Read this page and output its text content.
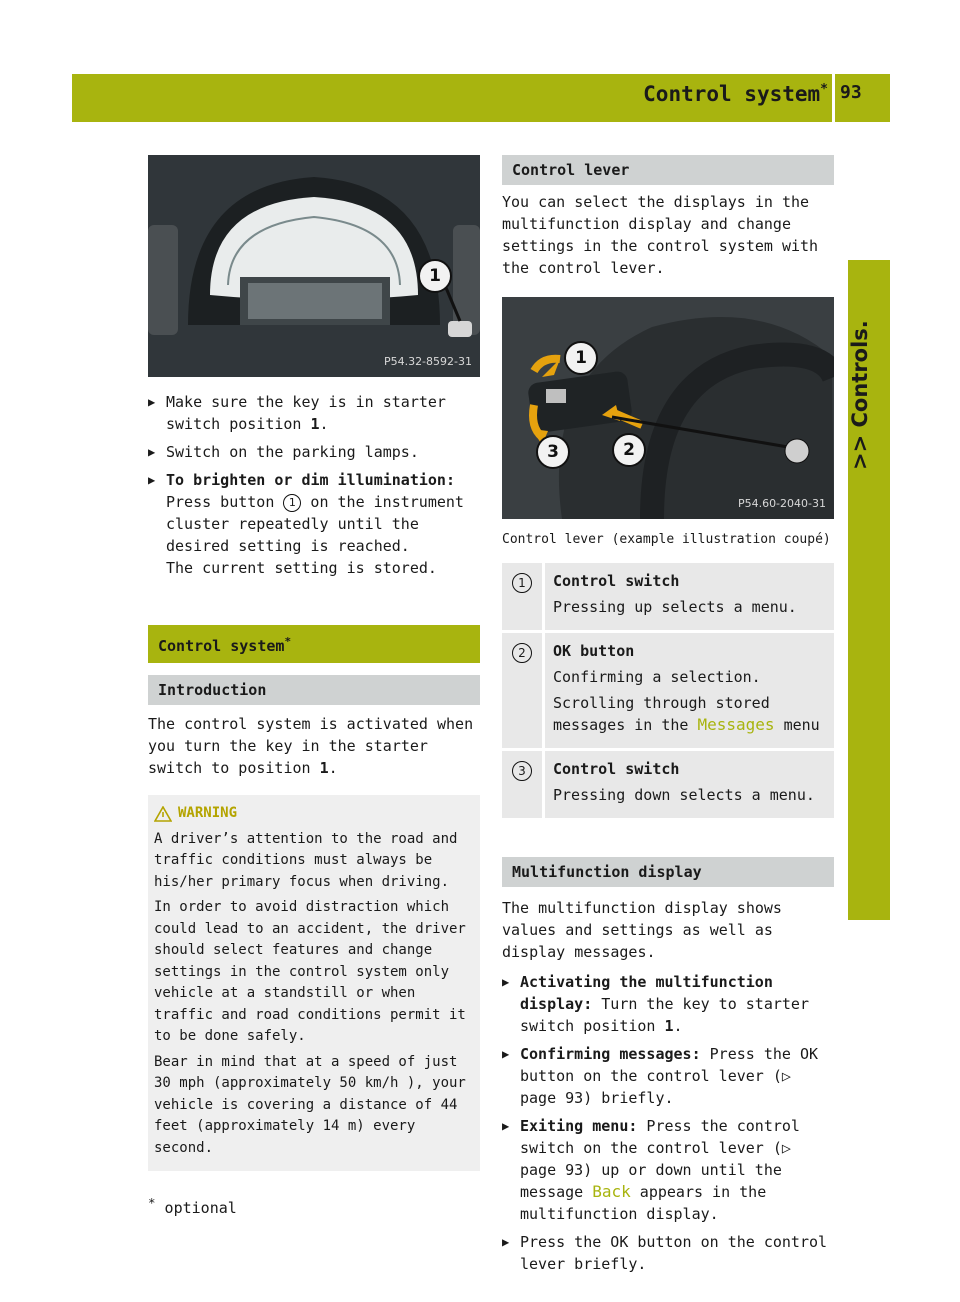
Control system* 93
>> Controls.
1
P54.32-8592-31
▶ Make sure the key is in starter switch position 1.
▶ Switch on the parking lamps.
▶ To brighten or dim illumination: Press button 1 on the instrument cluster repeatedly until the desired setting is reached.
The current setting is stored.
Control system*
Introduction
The control system is activated when you turn the key in the starter switch to position 1.
WARNING

A driver’s attention to the road and traffic conditions must always be his/her primary focus when driving.

In order to avoid distraction which could lead to an accident, the driver should select features and change settings in the control system only vehicle at a standstill or when traffic and road conditions permit it to be done safely.

Bear in mind that at a speed of just 30 mph (approximately 50 km/h ), your vehicle is covering a distance of 44 feet (approximately 14 m) every second.

Control lever
You can select the displays in the multifunction display and change settings in the control system with the control lever.
1
2
3
P54.60-2040-31
Control lever (example illustration coupé)
1	Control switch
Pressing up selects a menu.
2	OK button
Confirming a selection.
Scrolling through stored messages in the Messages menu
3	Control switch
Pressing down selects a menu.
Multifunction display
The multifunction display shows values and settings as well as display messages.
▶ Activating the multifunction display: Turn the key to starter switch position 1.
▶ Confirming messages: Press the OK button on the control lever (▷ page 93) briefly.
▶ Exiting menu: Press the control switch on the control lever (▷ page 93) up or down until the message Back appears in the multifunction display.
▶ Press the OK button on the control lever briefly.
* optional
